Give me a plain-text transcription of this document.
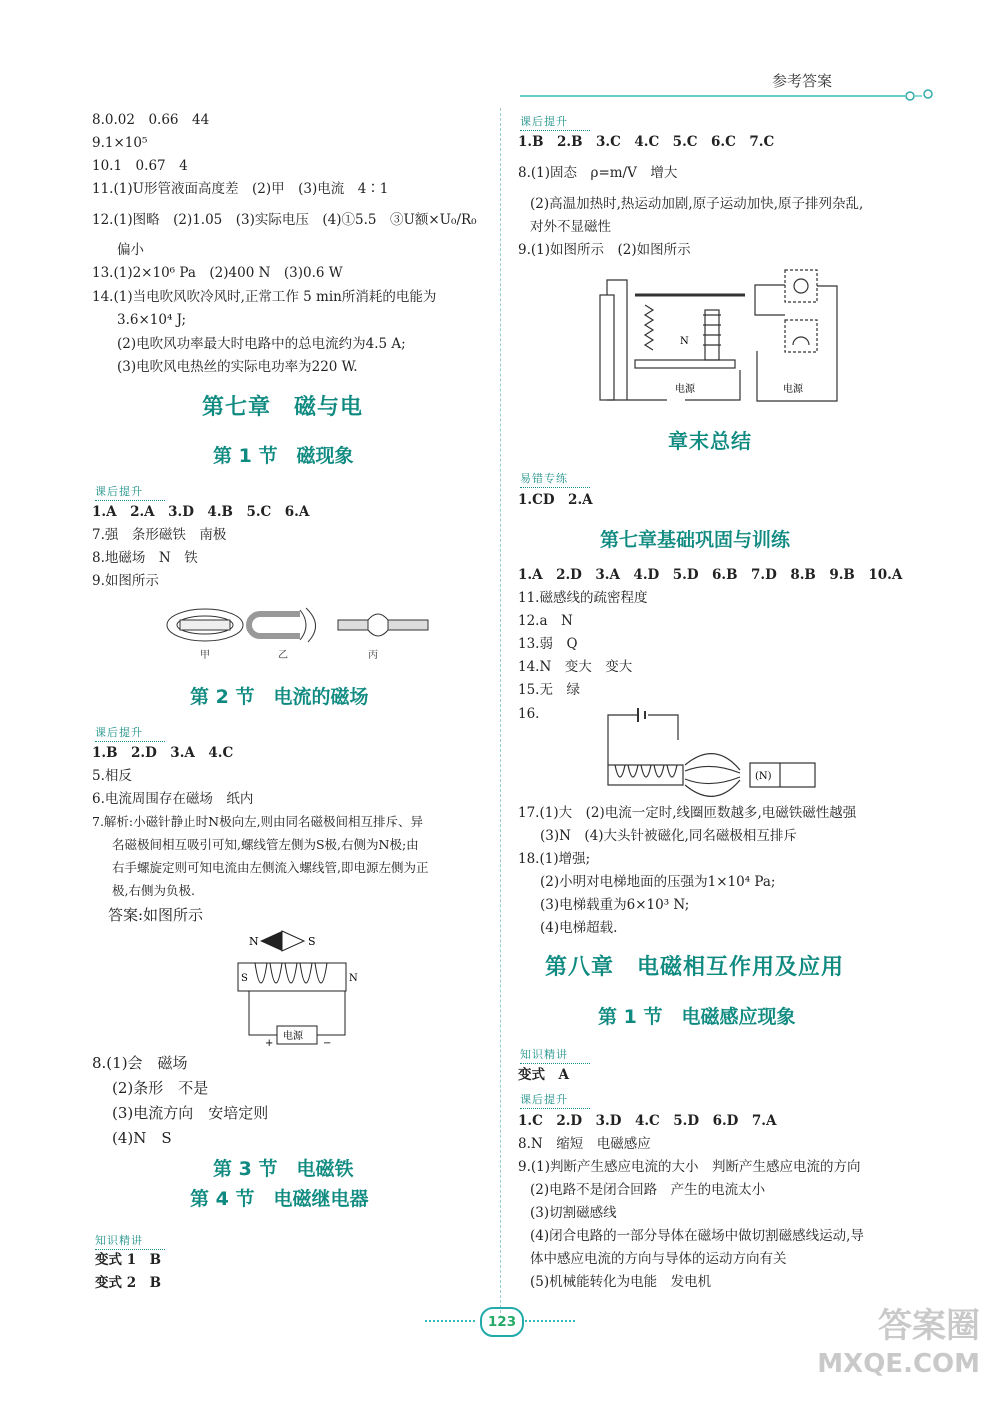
参考答案
8.0.02　0.66　44
9.1×10⁵
10.1　0.67　4
11.(1)U形管液面高度差　(2)甲　(3)电流　4∶1
12.(1)图略　(2)1.05　(3)实际电压　(4)①5.5　③U额×U₀/R₀
偏小
13.(1)2×10⁶ Pa　(2)400 N　(3)0.6 W
14.(1)当电吹风吹冷风时,正常工作 5 min所消耗的电能为
3.6×10⁴ J;
(2)电吹风功率最大时电路中的总电流约为4.5 A;
(3)电吹风电热丝的实际电功率为220 W.
第七章　磁与电
第 1 节　磁现象
课后提升
1.A　2.A　3.D　4.B　5.C　6.A
7.强　条形磁铁　南极
8.地磁场　N　铁
9.如图所示
甲	乙	丙
第 2 节　电流的磁场
课后提升
1.B　2.D　3.A　4.C
5.相反
6.电流周围存在磁场　纸内
7.解析:小磁针静止时N极向左,则由同名磁极间相互排斥、异
名磁极间相互吸引可知,螺线管左侧为S极,右侧为N极;由
右手螺旋定则可知电流由左侧流入螺线管,即电源左侧为正
极,右侧为负极.
答案:如图所示
N	S
S	N
电源
+	−
8.(1)会　磁场
(2)条形　不是
(3)电流方向　安培定则
(4)N　S
第 3 节　电磁铁
第 4 节　电磁继电器
知识精讲
变式 1　B
变式 2　B
课后提升
1.B　2.B　3.C　4.C　5.C　6.C　7.C
8.(1)固态　ρ=m/V　增大
(2)高温加热时,热运动加剧,原子运动加快,原子排列杂乱,
对外不显磁性
9.(1)如图所示　(2)如图所示
N
电源	电源
章末总结
易错专练
1.CD　2.A
第七章基础巩固与训练
1.A　2.D　3.A　4.D　5.D　6.B　7.D　8.B　9.B　10.A
11.磁感线的疏密程度
12.a　N
13.弱　Q
14.N　变大　变大
15.无　绿
16.
(N)
17.(1)大　(2)电流一定时,线圈匝数越多,电磁铁磁性越强
(3)N　(4)大头针被磁化,同名磁极相互排斥
18.(1)增强;
(2)小明对电梯地面的压强为1×10⁴ Pa;
(3)电梯载重为6×10³ N;
(4)电梯超载.
第八章　电磁相互作用及应用
第 1 节　电磁感应现象
知识精讲
变式　A
课后提升
1.C　2.D　3.D　4.C　5.D　6.D　7.A
8.N　缩短　电磁感应
9.(1)判断产生感应电流的大小　判断产生感应电流的方向
(2)电路不是闭合回路　产生的电流太小
(3)切割磁感线
(4)闭合电路的一部分导体在磁场中做切割磁感线运动,导
体中感应电流的方向与导体的运动方向有关
(5)机械能转化为电能　发电机
123	答案圈
MXQE.COM
